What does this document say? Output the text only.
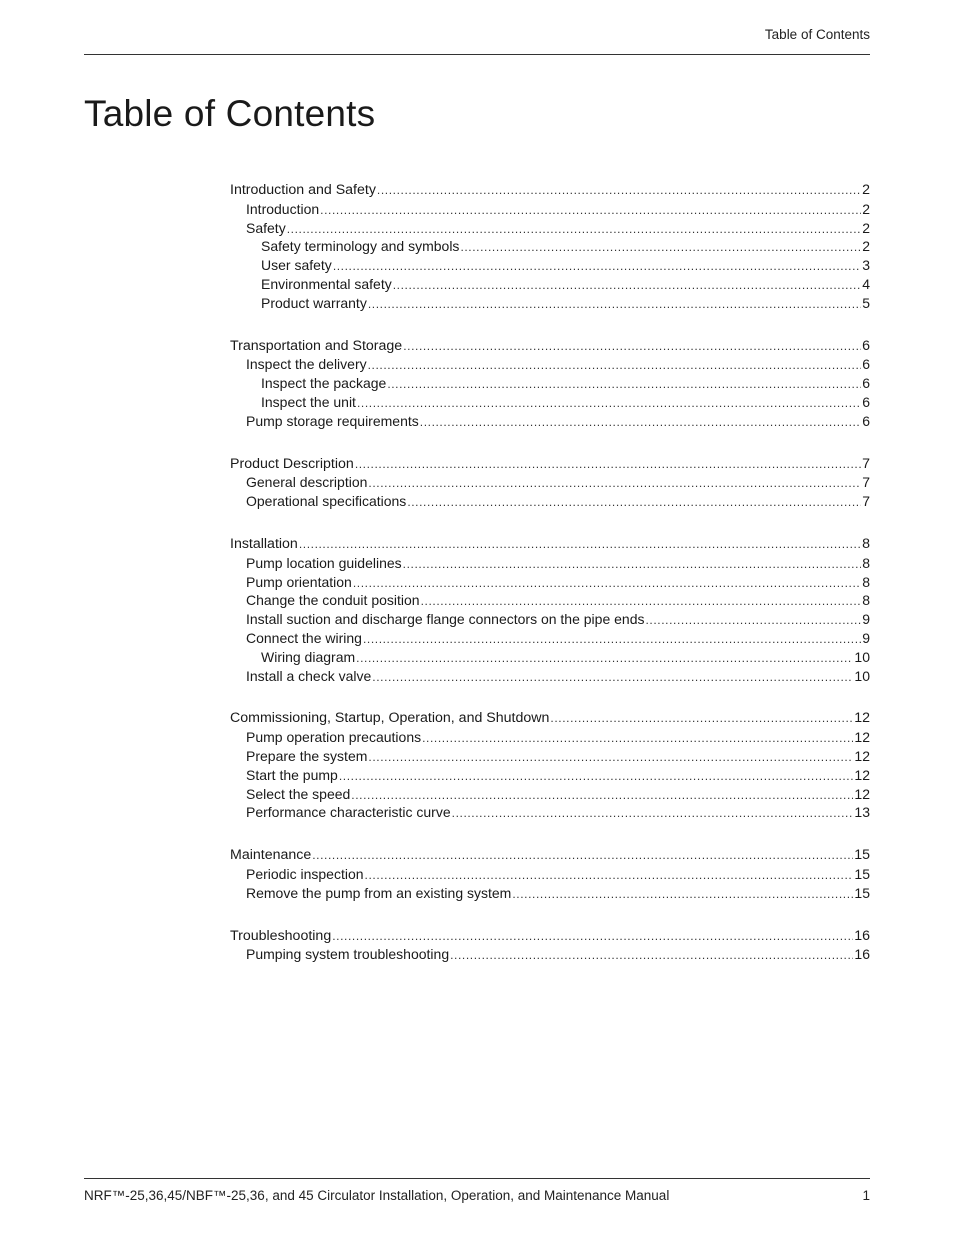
Table of Contents
Table of Contents
Introduction and Safety .....	2
Introduction .....	2
Safety .....	2
Safety terminology and symbols .....	2
User safety .....	3
Environmental safety .....	4
Product warranty .....	5
Transportation and Storage .....	6
Inspect the delivery .....	6
Inspect the package .....	6
Inspect the unit .....	6
Pump storage requirements .....	6
Product Description .....	7
General description .....	7
Operational specifications .....	7
Installation .....	8
Pump location guidelines .....	8
Pump orientation .....	8
Change the conduit position .....	8
Install suction and discharge flange connectors on the pipe ends .....	9
Connect the wiring .....	9
Wiring diagram .....	10
Install a check valve .....	10
Commissioning, Startup, Operation, and Shutdown .....	12
Pump operation precautions .....	12
Prepare the system .....	12
Start the pump .....	12
Select the speed .....	12
Performance characteristic curve .....	13
Maintenance .....	15
Periodic inspection .....	15
Remove the pump from an existing system .....	15
Troubleshooting .....	16
Pumping system troubleshooting .....	16
NRF™-25,36,45/NBF™-25,36, and 45 Circulator Installation, Operation, and Maintenance Manual	1
